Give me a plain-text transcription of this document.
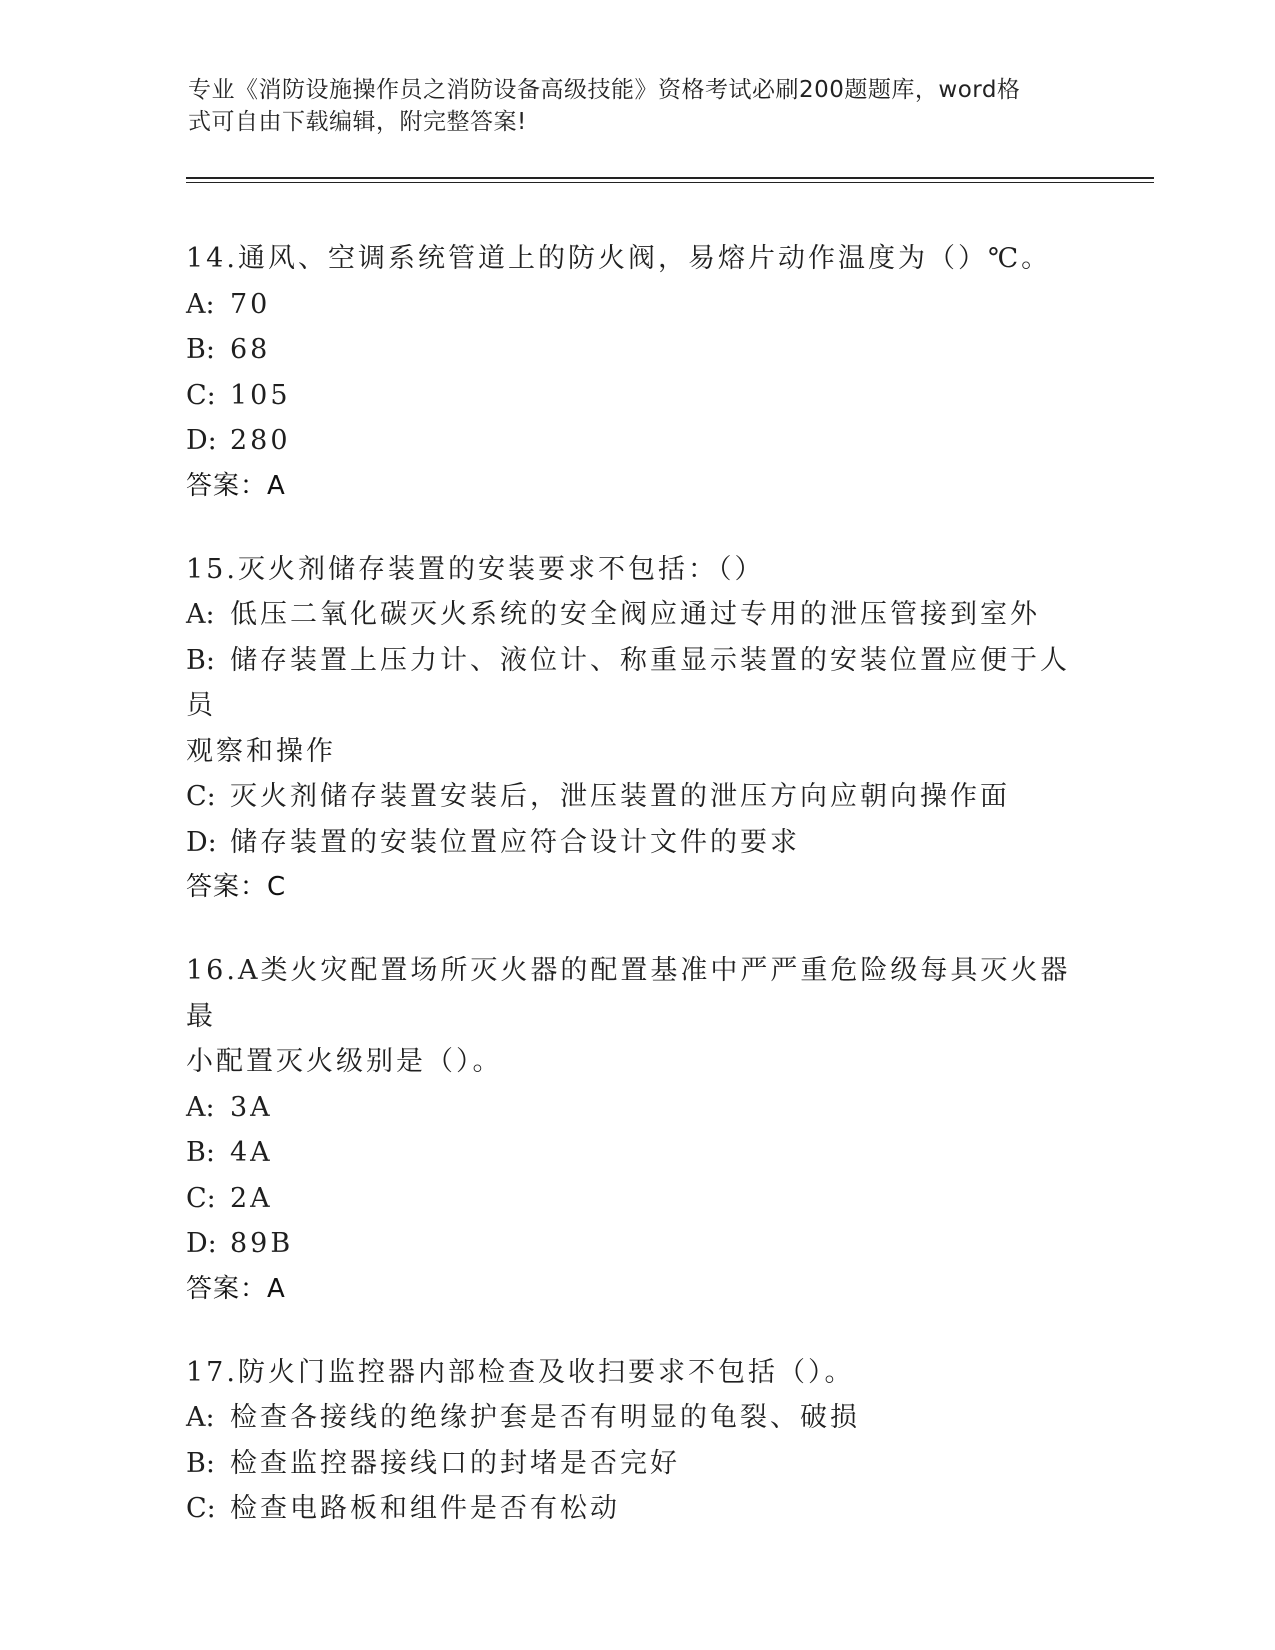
专业《消防设施操作员之消防设备高级技能》资格考试必刷200题题库，word格
式可自由下载编辑，附完整答案!
14.通风、空调系统管道上的防火阀，易熔片动作温度为（）℃。
A: 70
B: 68
C: 105
D: 280
答案：A
15.灭火剂储存装置的安装要求不包括：（）
A: 低压二氧化碳灭火系统的安全阀应通过专用的泄压管接到室外
B: 储存装置上压力计、液位计、称重显示装置的安装位置应便于人员
观察和操作
C: 灭火剂储存装置安装后，泄压装置的泄压方向应朝向操作面
D: 储存装置的安装位置应符合设计文件的要求
答案：C
16.A类火灾配置场所灭火器的配置基准中严严重危险级每具灭火器最
小配置灭火级别是（）。
A: 3A
B: 4A
C: 2A
D: 89B
答案：A
17.防火门监控器内部检查及收扫要求不包括（）。
A: 检查各接线的绝缘护套是否有明显的龟裂、破损
B: 检查监控器接线口的封堵是否完好
C: 检查电路板和组件是否有松动
